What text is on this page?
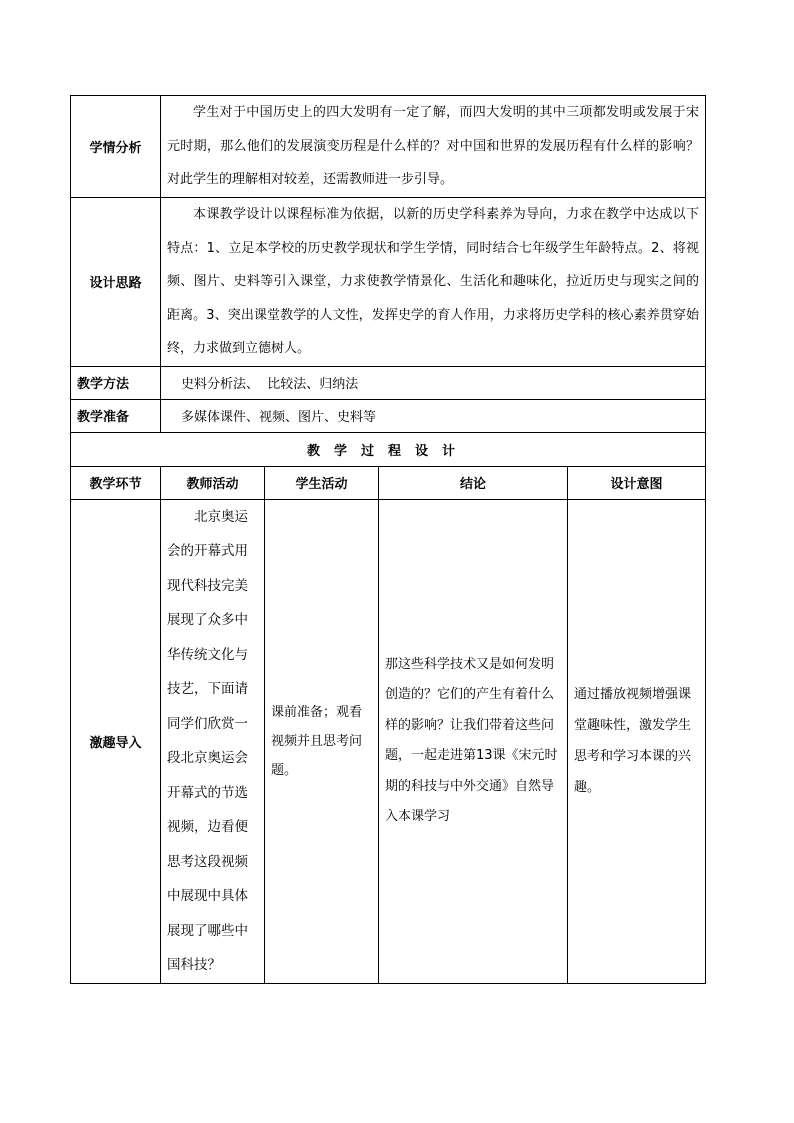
学情分析	学生对于中国历史上的四大发明有一定了解，而四大发明的其中三项都发明或发展于宋元时期，那么他们的发展演变历程是什么样的？对中国和世界的发展历程有什么样的影响？对此学生的理解相对较差，还需教师进一步引导。			
设计思路	本课教学设计以课程标准为依据，以新的历史学科素养为导向，力求在教学中达成以下特点：1、立足本学校的历史教学现状和学生学情，同时结合七年级学生年龄特点。2、将视频、图片、史料等引入课堂，力求使教学情景化、生活化和趣味化，拉近历史与现实之间的距离。3、突出课堂教学的人文性，发挥史学的育人作用，力求将历史学科的核心素养贯穿始终，力求做到立德树人。			
教学方法	史料分析法、  比较法、归纳法			
教学准备	多媒体课件、视频、图片、史料等			
教学过程设计				
教学环节	教师活动	学生活动	结论	设计意图
激趣导入	北京奥运会的开幕式用现代科技完美展现了众多中华传统文化与技艺，下面请同学们欣赏一段北京奥运会开幕式的节选视频，边看便思考这段视频中展现中具体展现了哪些中国科技？	课前准备；观看视频并且思考问题。	那这些科学技术又是如何发明创造的？它们的产生有着什么样的影响？让我们带着这些问题，一起走进第13课《宋元时期的科技与中外交通》自然导入本课学习	通过播放视频增强课堂趣味性，激发学生思考和学习本课的兴趣。
